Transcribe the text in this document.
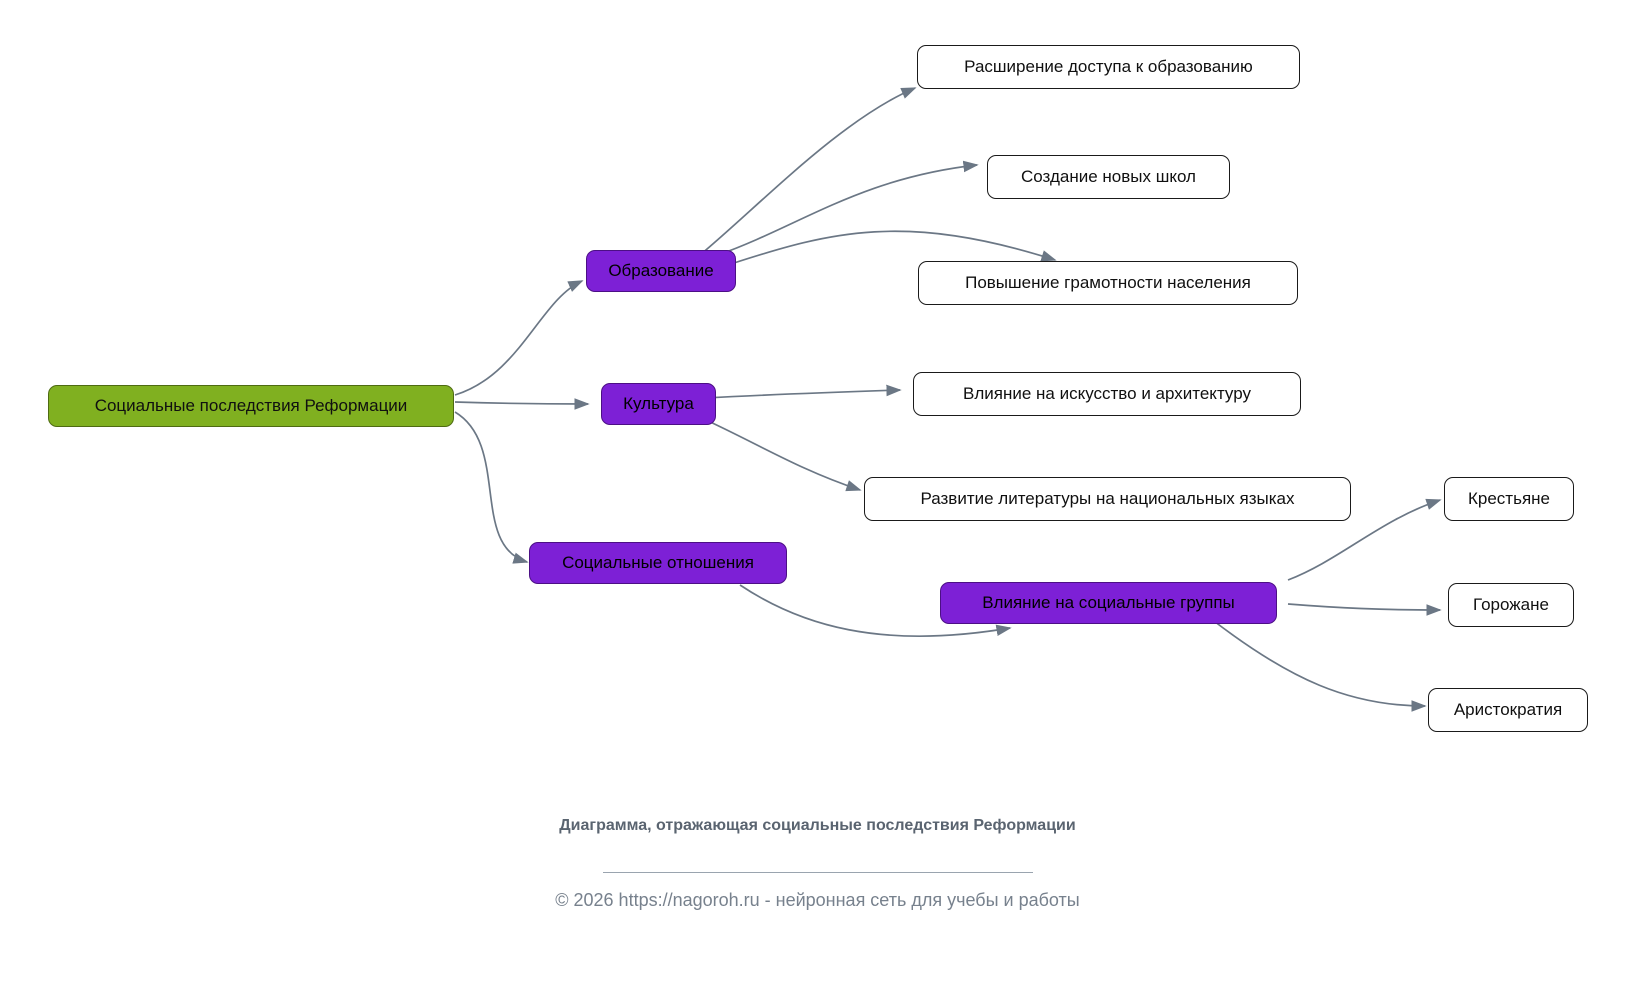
Социальные последствия Реформации
Образование
Культура
Социальные отношения
Влияние на социальные группы
Расширение доступа к образованию
Создание новых школ
Повышение грамотности населения
Влияние на искусство и архитектуру
Развитие литературы на национальных языках	Крестьяне
Горожане
Аристократия
Диаграмма, отражающая социальные последствия Реформации
© 2026 https://nagoroh.ru - нейронная сеть для учебы и работы
